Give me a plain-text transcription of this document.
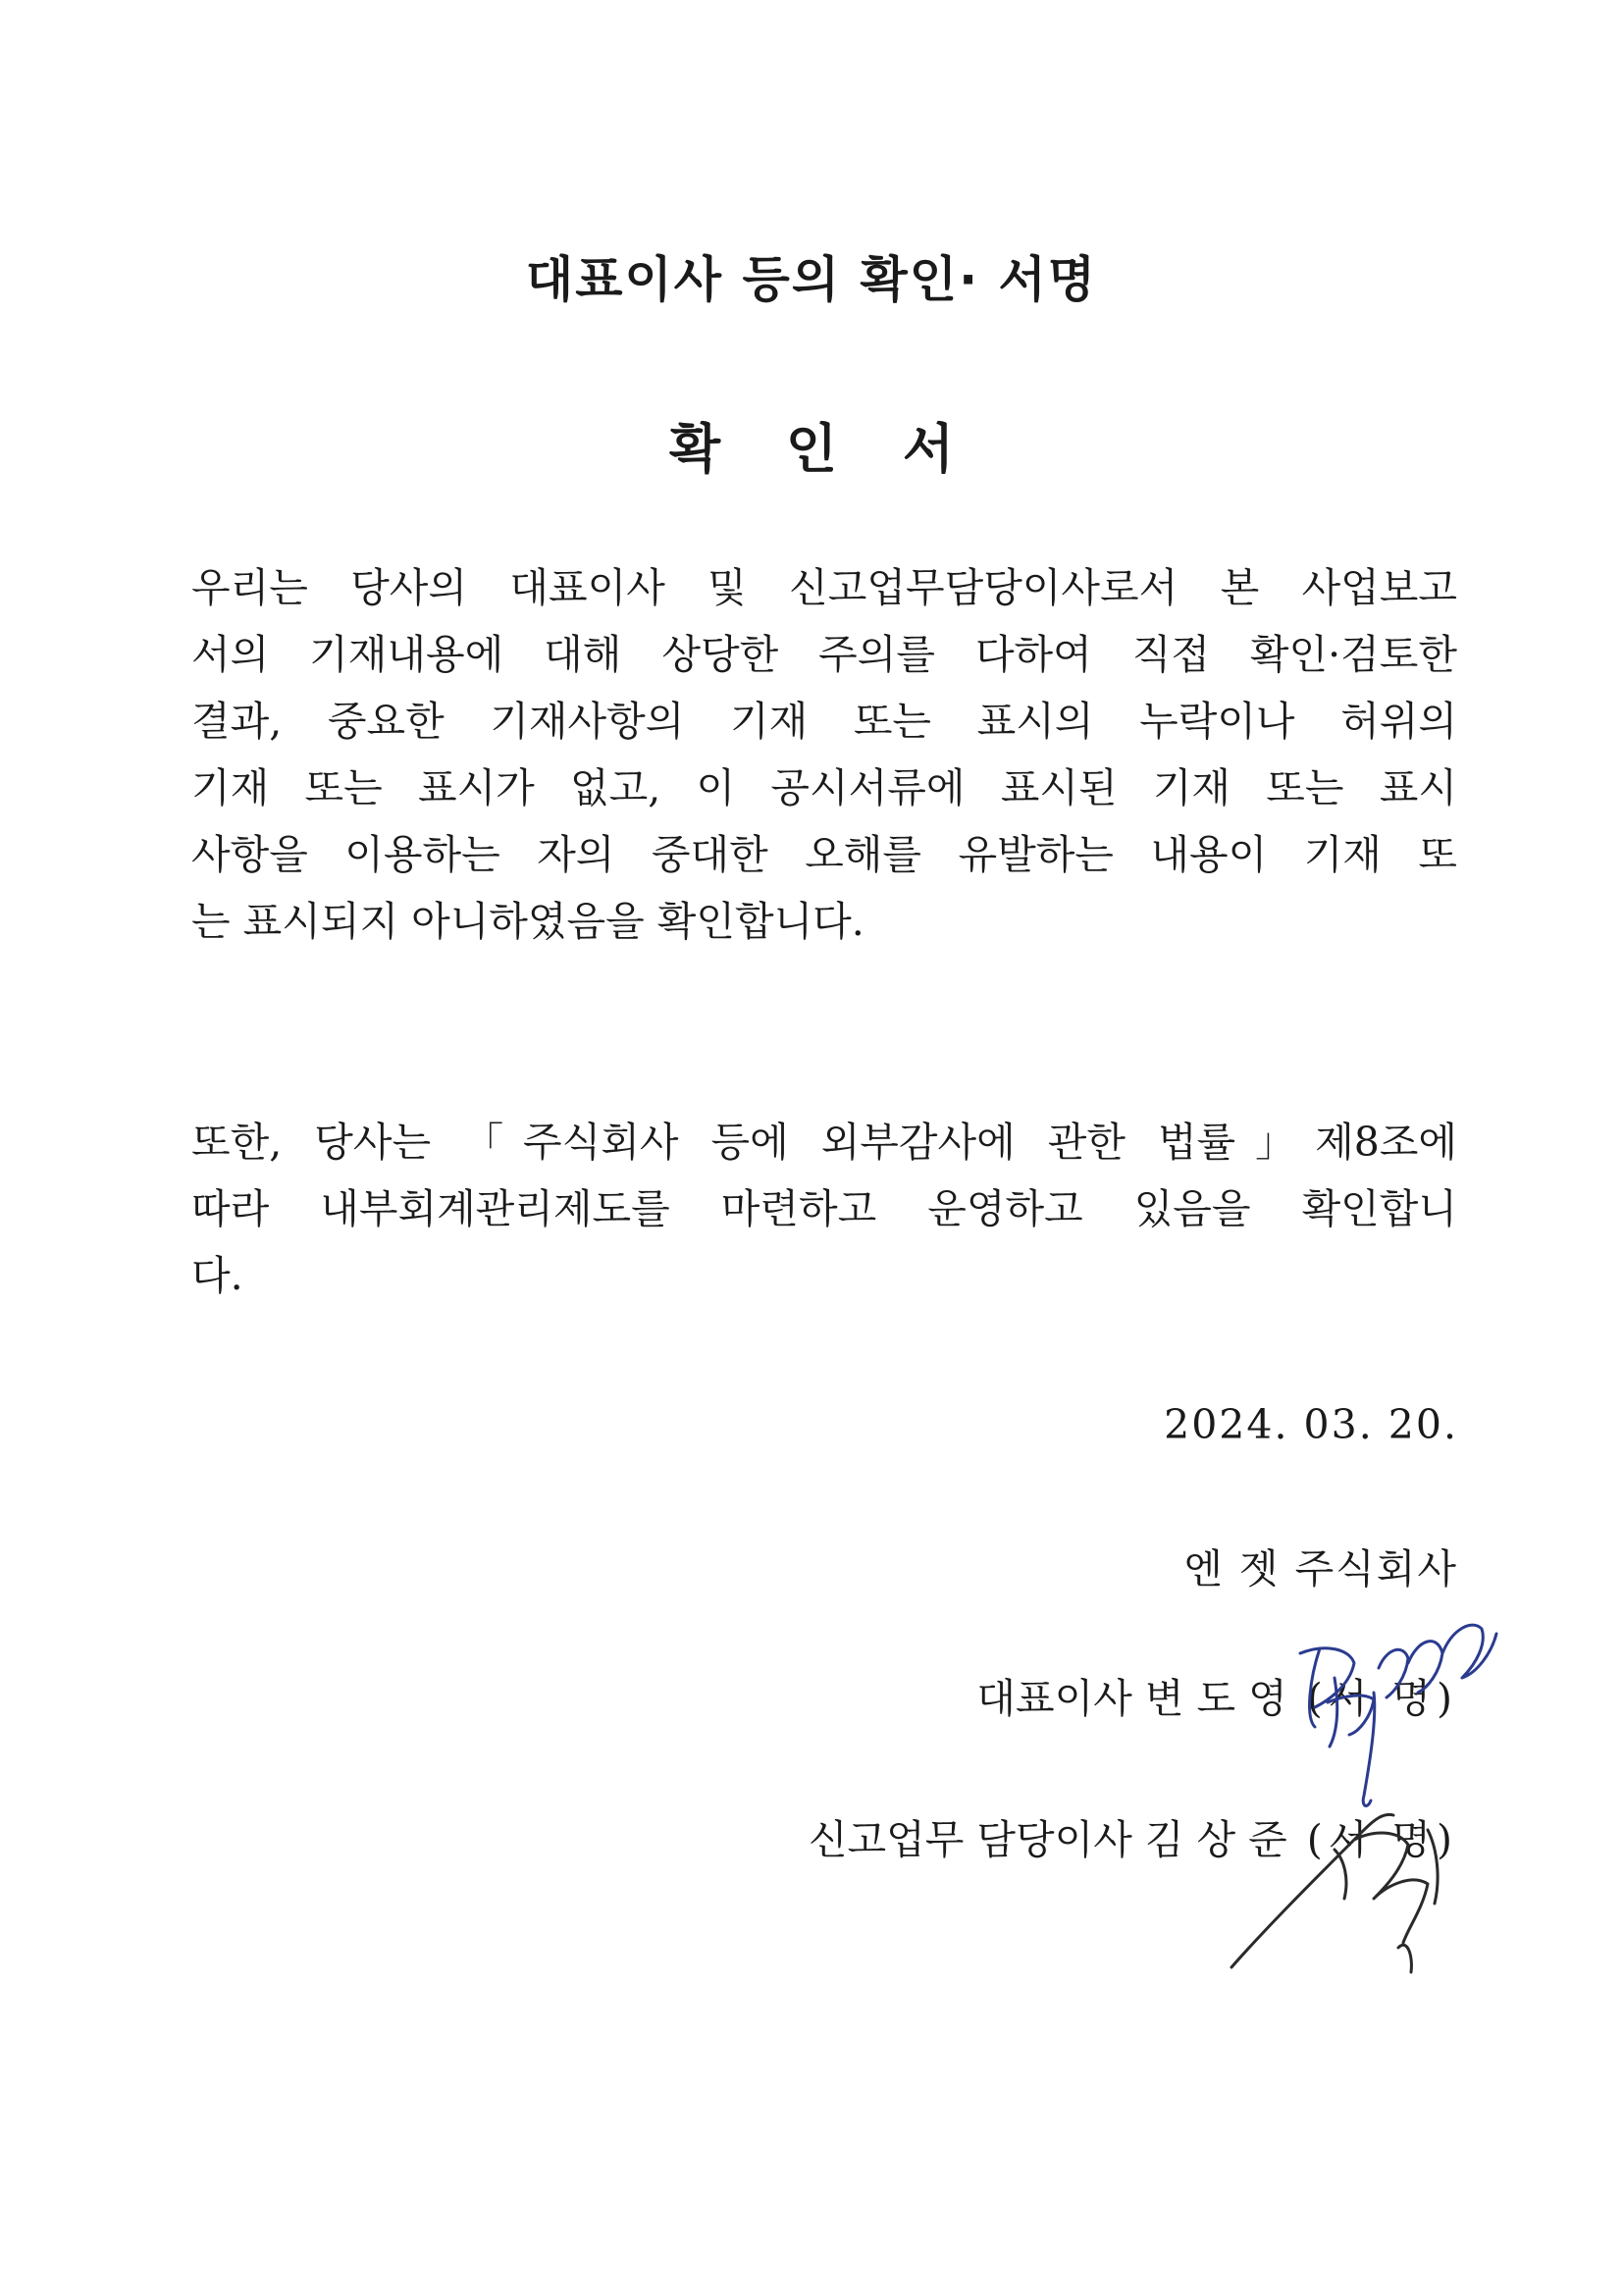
대표이사 등의 확인· 서명
확 인 서

우리는 당사의 대표이사 및 신고업무담당이사로서 본 사업보고
서의 기재내용에 대해 상당한 주의를 다하여 직접 확인·검토한
결과, 중요한 기재사항의 기재 또는 표시의 누락이나 허위의
기재 또는 표시가 없고, 이 공시서류에 표시된 기재 또는 표시
사항을 이용하는 자의 중대한 오해를 유발하는 내용이 기재 또
는 표시되지 아니하였음을 확인합니다.

또한, 당사는 「주식회사 등에 외부감사에 관한 법률」제8조에
따라 내부회계관리제도를 마련하고 운영하고 있음을 확인합니
다.

2024. 03. 20.
엔 젯 주식회사
대표이사 변 도 영 (서 명)
신고업무 담당이사 김 상 준 (서 명)
